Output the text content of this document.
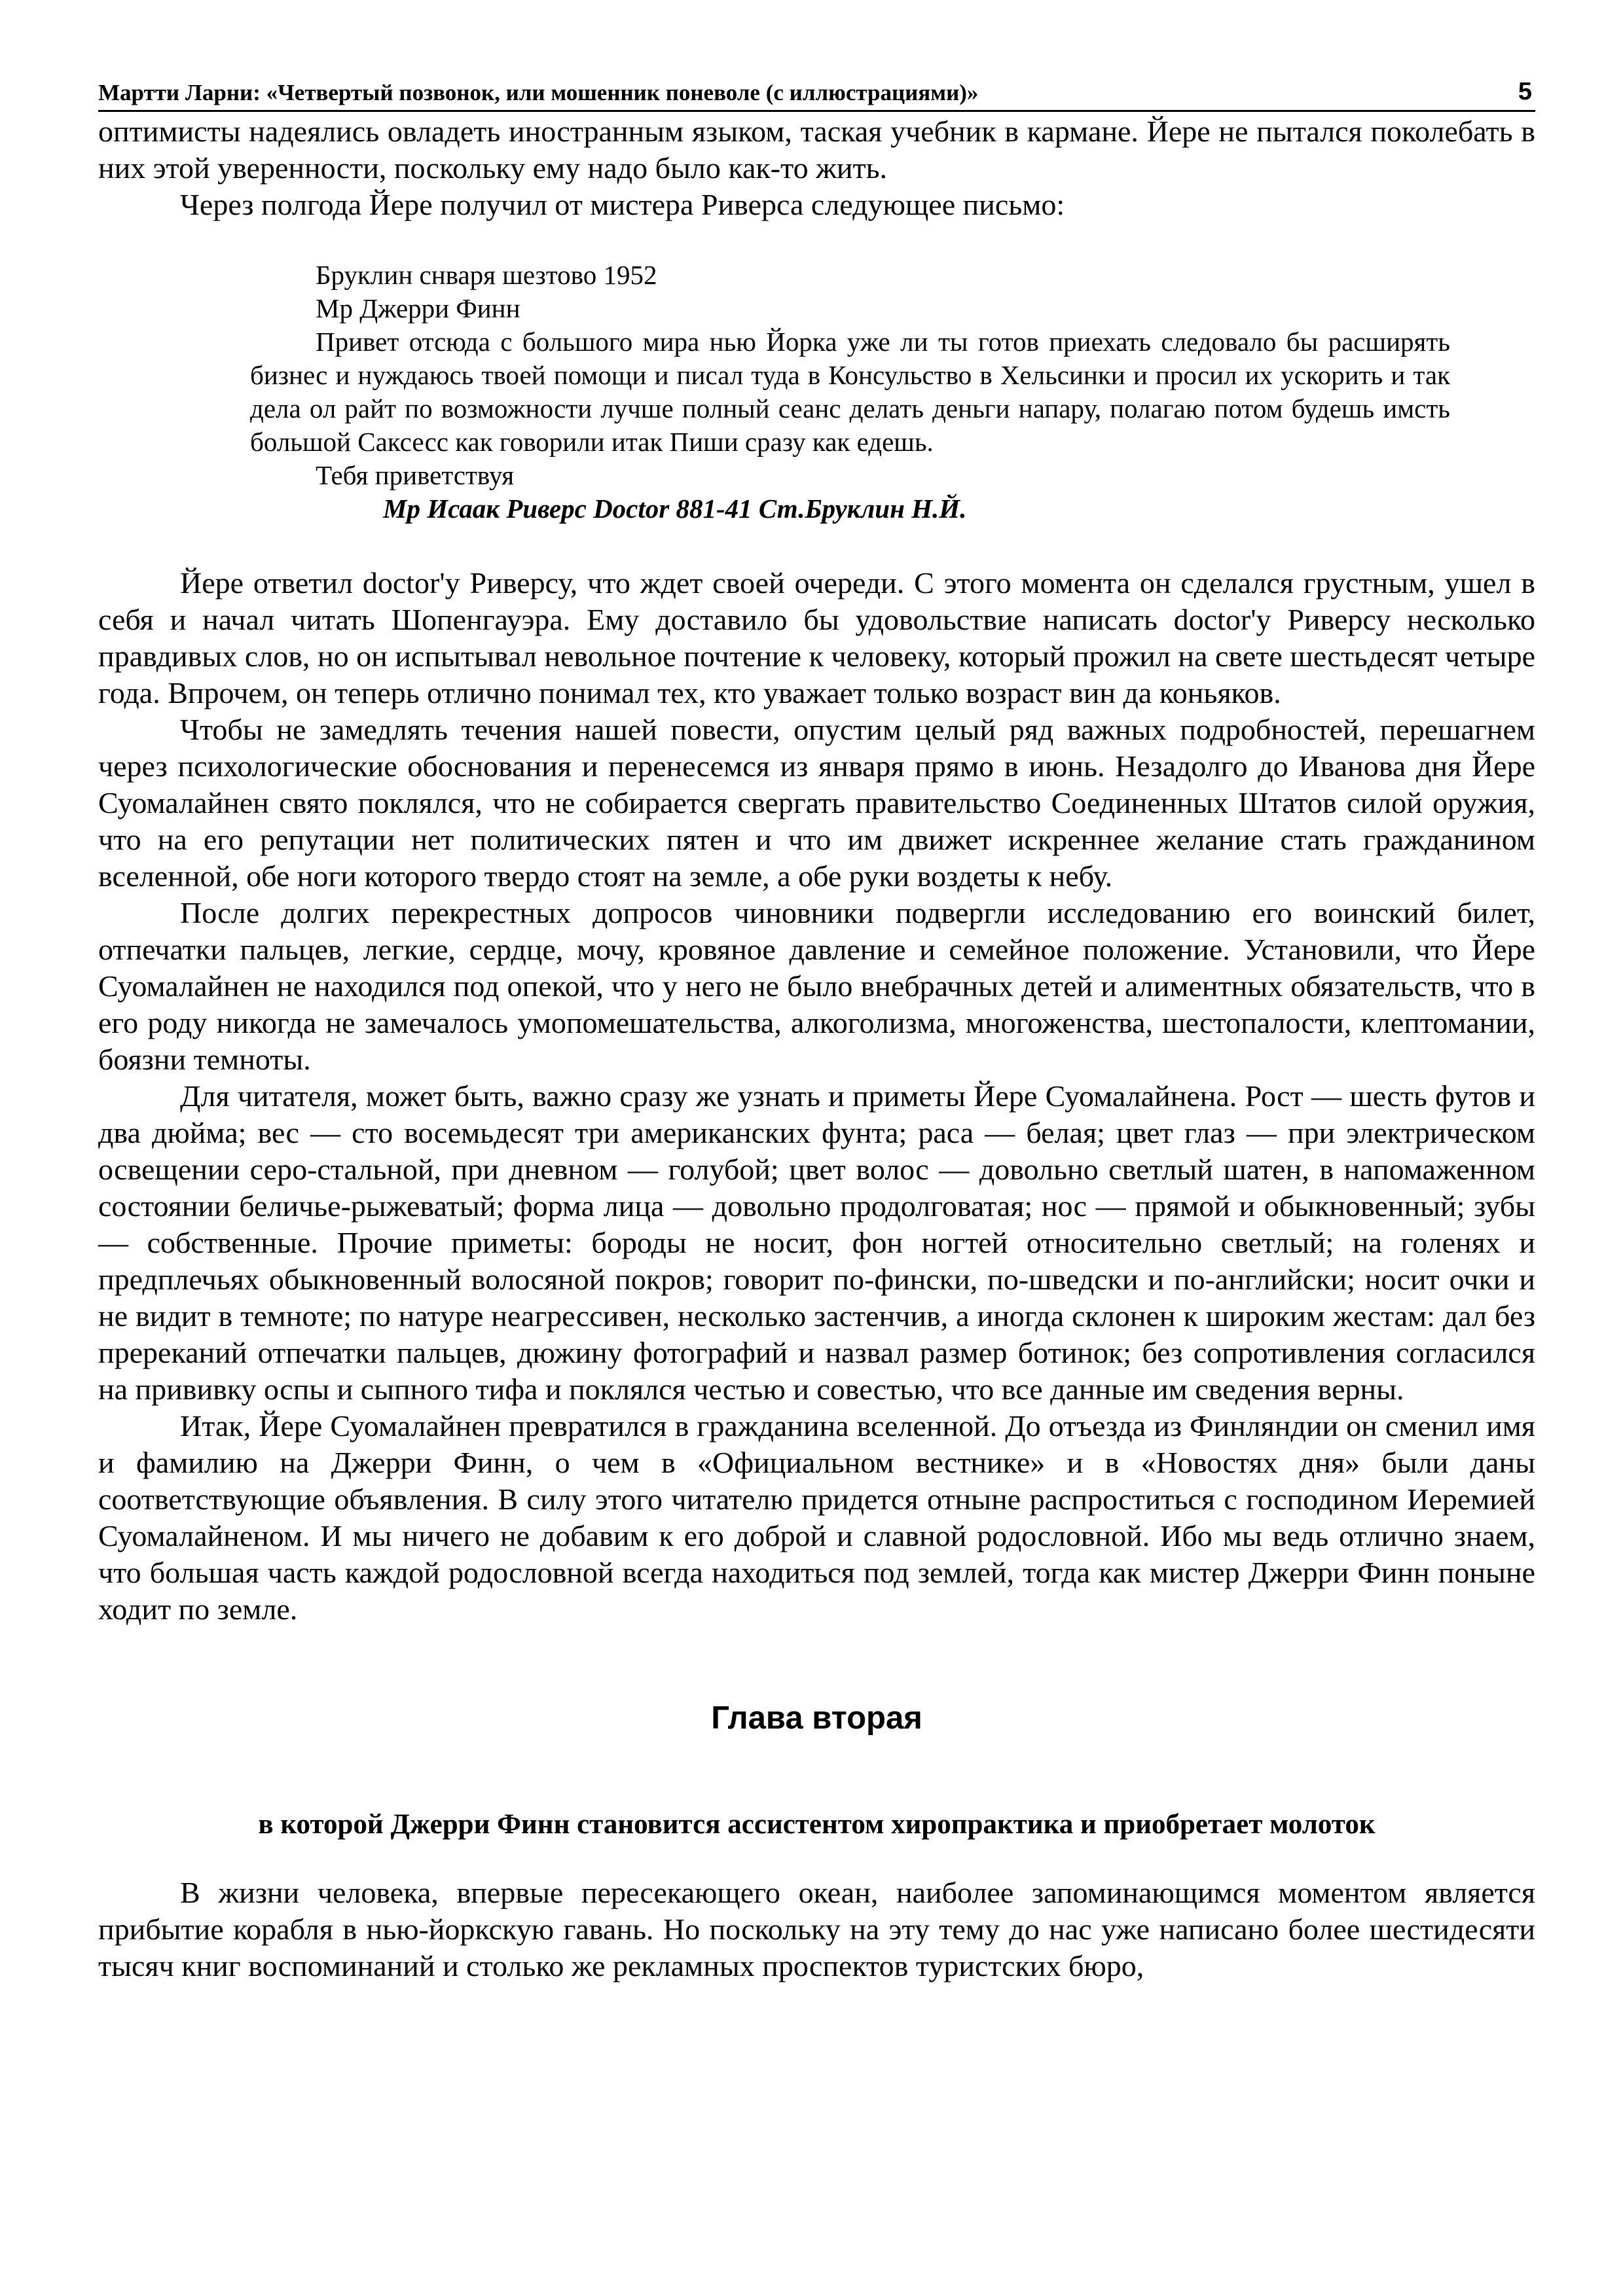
Мартти Ларни: «Четвертый позвонок, или мошенник поневоле (с иллюстрациями)»	5

оптимисты надеялись овладеть иностранным языком, таская учебник в кармане. Йере не пытался поколебать в них этой уверенности, поскольку ему надо было как-то жить.

Через полгода Йере получил от мистера Риверса следующее письмо:

Бруклин снваря шезтово 1952
Мр Джерри Финн

Привет отсюда с большого мира нью Йорка уже ли ты готов приехать следовало бы расширять бизнес и нуждаюсь твоей помощи и писал туда в Консульство в Хельсинки и просил их ускорить и так дела ол райт по возможности лучше полный сеанс делать деньги напару, полагаю потом будешь имсть большой Саксесс как говорили итак Пиши сразу как едешь.

Тебя приветствуя
Мр Исаак Риверс Doctor 881-41 Ст.Бруклин Н.Й.

Йере ответил doctor'у Риверсу, что ждет своей очереди. С этого момента он сделался грустным, ушел в себя и начал читать Шопенгауэра. Ему доставило бы удовольствие написать doctor'у Риверсу несколько правдивых слов, но он испытывал невольное почтение к человеку, который прожил на свете шестьдесят четыре года. Впрочем, он теперь отлично понимал тех, кто уважает только возраст вин да коньяков.

Чтобы не замедлять течения нашей повести, опустим целый ряд важных подробностей, перешагнем через психологические обоснования и перенесемся из января прямо в июнь. Незадолго до Иванова дня Йере Суомалайнен свято поклялся, что не собирается свергать правительство Соединенных Штатов силой оружия, что на его репутации нет политических пятен и что им движет искреннее желание стать гражданином вселенной, обе ноги которого твердо стоят на земле, а обе руки воздеты к небу.

После долгих перекрестных допросов чиновники подвергли исследованию его воинский билет, отпечатки пальцев, легкие, сердце, мочу, кровяное давление и семейное положение. Установили, что Йере Суомалайнен не находился под опекой, что у него не было внебрачных детей и алиментных обязательств, что в его роду никогда не замечалось умопомешательства, алкоголизма, многоженства, шестопалости, клептомании, боязни темноты.

Для читателя, может быть, важно сразу же узнать и приметы Йере Суомалайнена. Рост — шесть футов и два дюйма; вес — сто восемьдесят три американских фунта; раса — белая; цвет глаз — при электрическом освещении серо-стальной, при дневном — голубой; цвет волос — довольно светлый шатен, в напомаженном состоянии беличье-рыжеватый; форма лица — довольно продолговатая; нос — прямой и обыкновенный; зубы — собственные. Прочие приметы: бороды не носит, фон ногтей относительно светлый; на голенях и предплечьях обыкновенный волосяной покров; говорит по-фински, по-шведски и по-английски; носит очки и не видит в темноте; по натуре неагрессивен, несколько застенчив, а иногда склонен к широким жестам: дал без пререканий отпечатки пальцев, дюжину фотографий и назвал размер ботинок; без сопротивления согласился на прививку оспы и сыпного тифа и поклялся честью и совестью, что все данные им сведения верны.

Итак, Йере Суомалайнен превратился в гражданина вселенной. До отъезда из Финляндии он сменил имя и фамилию на Джерри Финн, о чем в «Официальном вестнике» и в «Новостях дня» были даны соответствующие объявления. В силу этого читателю придется отныне распроститься с господином Иеремией Суомалайненом. И мы ничего не добавим к его доброй и славной родословной. Ибо мы ведь отлично знаем, что большая часть каждой родословной всегда находиться под землей, тогда как мистер Джерри Финн поныне ходит по земле.

Глава вторая
в которой Джерри Финн становится ассистентом хиропрактика и приобретает молоток

В жизни человека, впервые пересекающего океан, наиболее запоминающимся моментом является прибытие корабля в нью-йоркскую гавань. Но поскольку на эту тему до нас уже написано более шестидесяти тысяч книг воспоминаний и столько же рекламных проспектов туристских бюро,
